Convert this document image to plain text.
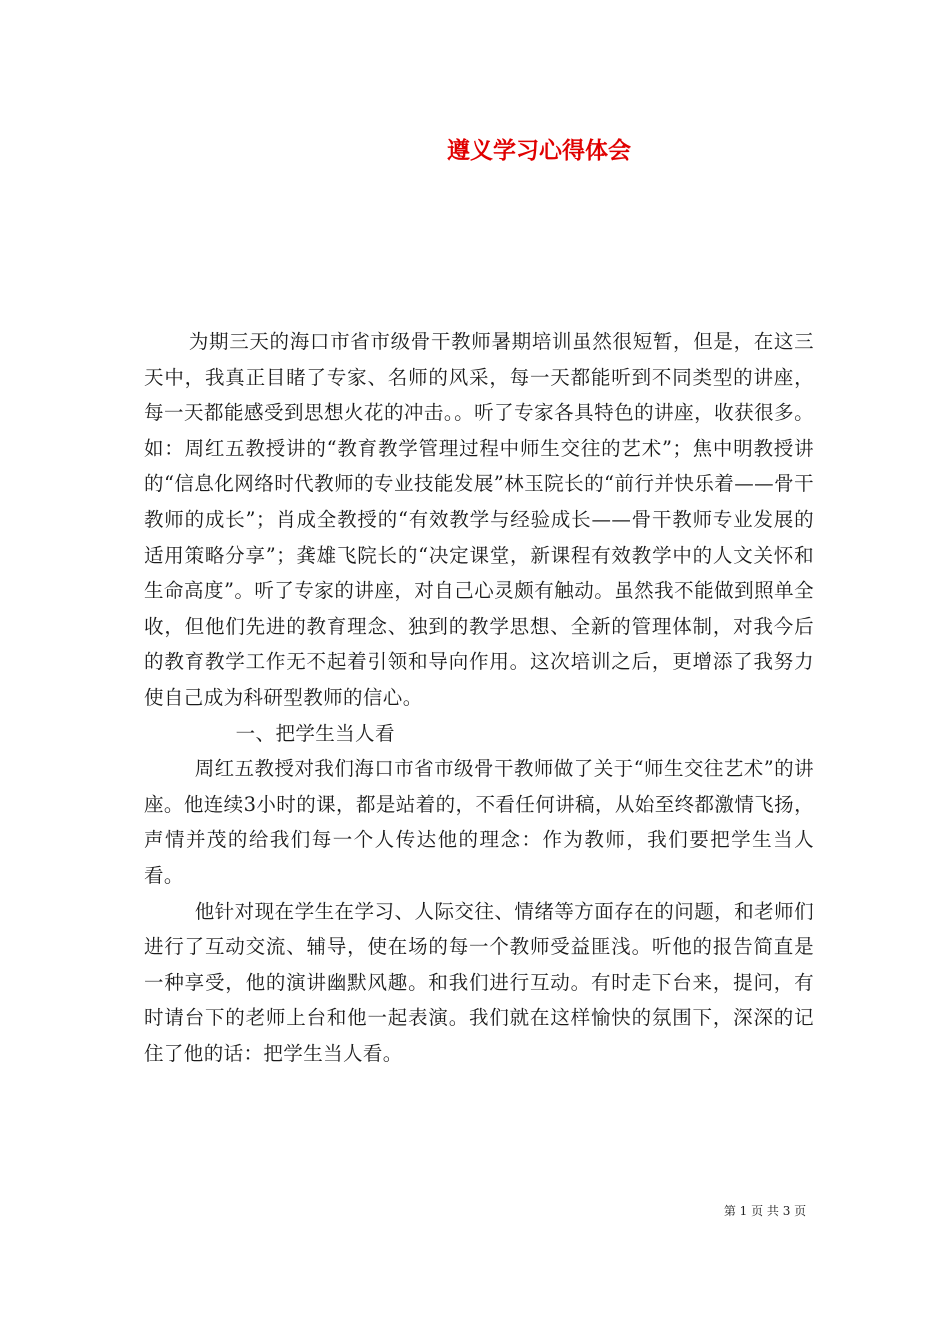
遵义学习心得体会

为期三天的海口市省市级骨干教师暑期培训虽然很短暂，但是，在这三天中，我真正目睹了专家、名师的风采，每一天都能听到不同类型的讲座，每一天都能感受到思想火花的冲击。。听了专家各具特色的讲座，收获很多。如：周红五教授讲的“教育教学管理过程中师生交往的艺术”；焦中明教授讲的“信息化网络时代教师的专业技能发展”林玉院长的“前行并快乐着——骨干教师的成长”；肖成全教授的“有效教学与经验成长——骨干教师专业发展的适用策略分享”；龚雄飞院长的“决定课堂，新课程有效教学中的人文关怀和生命高度”。听了专家的讲座，对自己心灵颇有触动。虽然我不能做到照单全收，但他们先进的教育理念、独到的教学思想、全新的管理体制，对我今后的教育教学工作无不起着引领和导向作用。这次培训之后，更增添了我努力使自己成为科研型教师的信心。

一、把学生当人看

周红五教授对我们海口市省市级骨干教师做了关于“师生交往艺术”的讲座。他连续3小时的课，都是站着的，不看任何讲稿，从始至终都激情飞扬，声情并茂的给我们每一个人传达他的理念：作为教师，我们要把学生当人看。

他针对现在学生在学习、人际交往、情绪等方面存在的问题，和老师们进行了互动交流、辅导，使在场的每一个教师受益匪浅。听他的报告简直是一种享受，他的演讲幽默风趣。和我们进行互动。有时走下台来，提问，有时请台下的老师上台和他一起表演。我们就在这样愉快的氛围下，深深的记住了他的话：把学生当人看。

第 1 页 共 3 页
